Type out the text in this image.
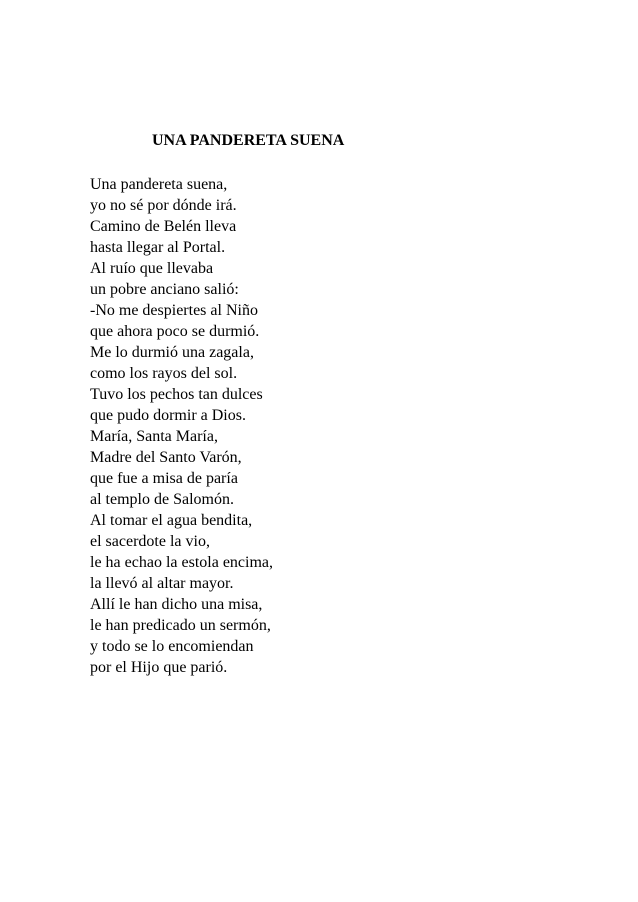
UNA PANDERETA SUENA
Una pandereta suena,
yo no sé por dónde irá.
Camino de Belén lleva
hasta llegar al Portal.
Al ruío que llevaba
un pobre anciano salió:
-No me despiertes al Niño
que ahora poco se durmió.
Me lo durmió una zagala,
como los rayos del sol.
Tuvo los pechos tan dulces
que pudo dormir a Dios.
María, Santa María,
Madre del Santo Varón,
que fue a misa de paría
al templo de Salomón.
Al tomar el agua bendita,
el sacerdote la vio,
le ha echao la estola encima,
la llevó al altar mayor.
Allí le han dicho una misa,
le han predicado un sermón,
y todo se lo encomiendan
por el Hijo que parió.
